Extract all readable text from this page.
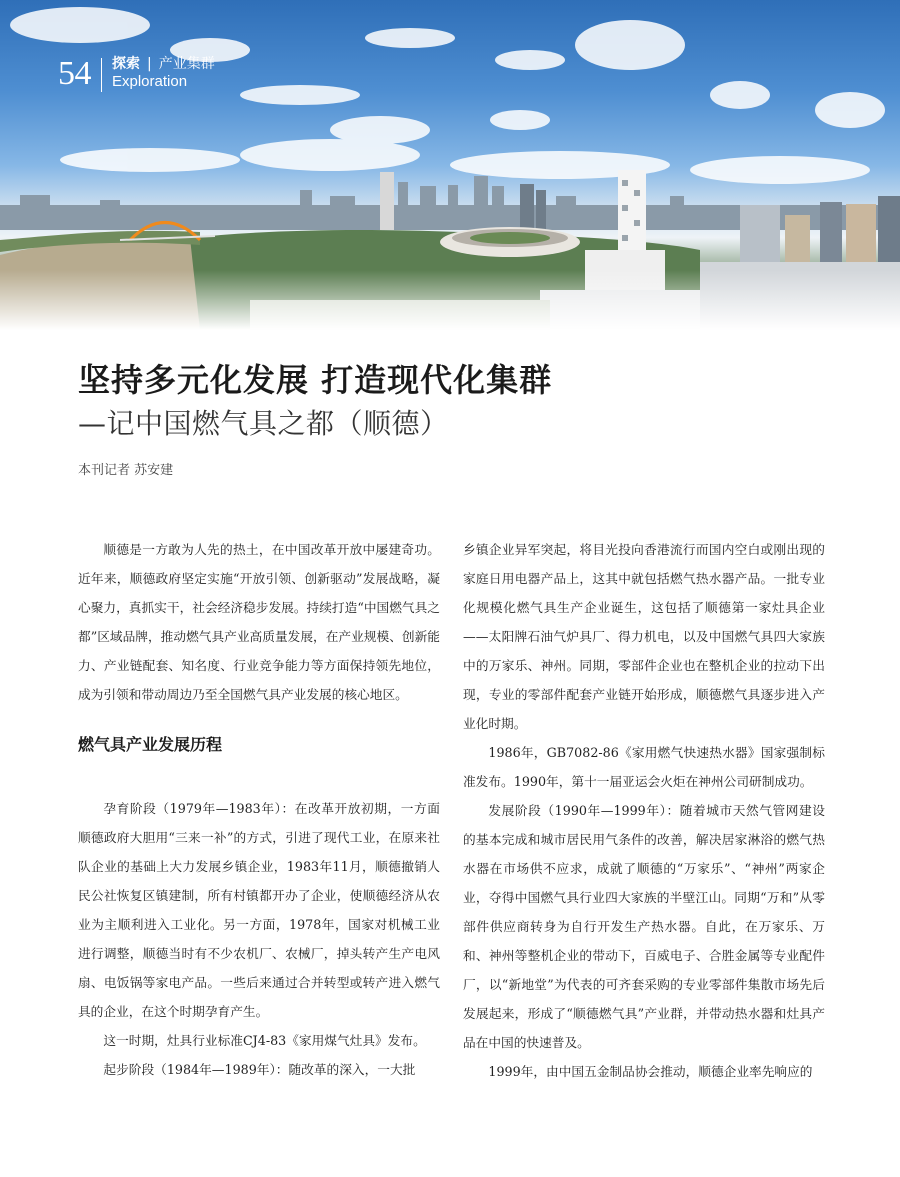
54 探索 | 产业集群
Exploration
坚持多元化发展 打造现代化集群
—记中国燃气具之都（顺德）
本刊记者 苏安建

顺德是一方敢为人先的热土，在中国改革开放中屡建奇功。近年来，顺德政府坚定实施“开放引领、创新驱动”发展战略，凝心聚力，真抓实干，社会经济稳步发展。持续打造“中国燃气具之都”区域品牌，推动燃气具产业高质量发展，在产业规模、创新能力、产业链配套、知名度、行业竞争能力等方面保持领先地位，成为引领和带动周边乃至全国燃气具产业发展的核心地区。

燃气具产业发展历程

孕育阶段（1979年—1983年）：在改革开放初期，一方面顺德政府大胆用“三来一补”的方式，引进了现代工业，在原来社队企业的基础上大力发展乡镇企业，1983年11月，顺德撤销人民公社恢复区镇建制，所有村镇都开办了企业，使顺德经济从农业为主顺利进入工业化。另一方面，1978年，国家对机械工业进行调整，顺德当时有不少农机厂、农械厂，掉头转产生产电风扇、电饭锅等家电产品。一些后来通过合并转型或转产进入燃气具的企业，在这个时期孕育产生。

这一时期，灶具行业标准CJ4-83《家用煤气灶具》发布。

起步阶段（1984年—1989年）：随改革的深入，一大批

乡镇企业异军突起，将目光投向香港流行而国内空白或刚出现的家庭日用电器产品上，这其中就包括燃气热水器产品。一批专业化规模化燃气具生产企业诞生，这包括了顺德第一家灶具企业——太阳牌石油气炉具厂、得力机电，以及中国燃气具四大家族中的万家乐、神州。同期，零部件企业也在整机企业的拉动下出现，专业的零部件配套产业链开始形成，顺德燃气具逐步进入产业化时期。

1986年，GB7082-86《家用燃气快速热水器》国家强制标准发布。1990年，第十一届亚运会火炬在神州公司研制成功。

发展阶段（1990年—1999年）：随着城市天然气管网建设的基本完成和城市居民用气条件的改善，解决居家淋浴的燃气热水器在市场供不应求，成就了顺德的“万家乐”、“神州”两家企业，夺得中国燃气具行业四大家族的半壁江山。同期“万和”从零部件供应商转身为自行开发生产热水器。自此，在万家乐、万和、神州等整机企业的带动下，百威电子、合胜金属等专业配件厂，以“新地堂”为代表的可齐套采购的专业零部件集散市场先后发展起来，形成了“顺德燃气具”产业群，并带动热水器和灶具产品在中国的快速普及。

1999年，由中国五金制品协会推动，顺德企业率先响应的
